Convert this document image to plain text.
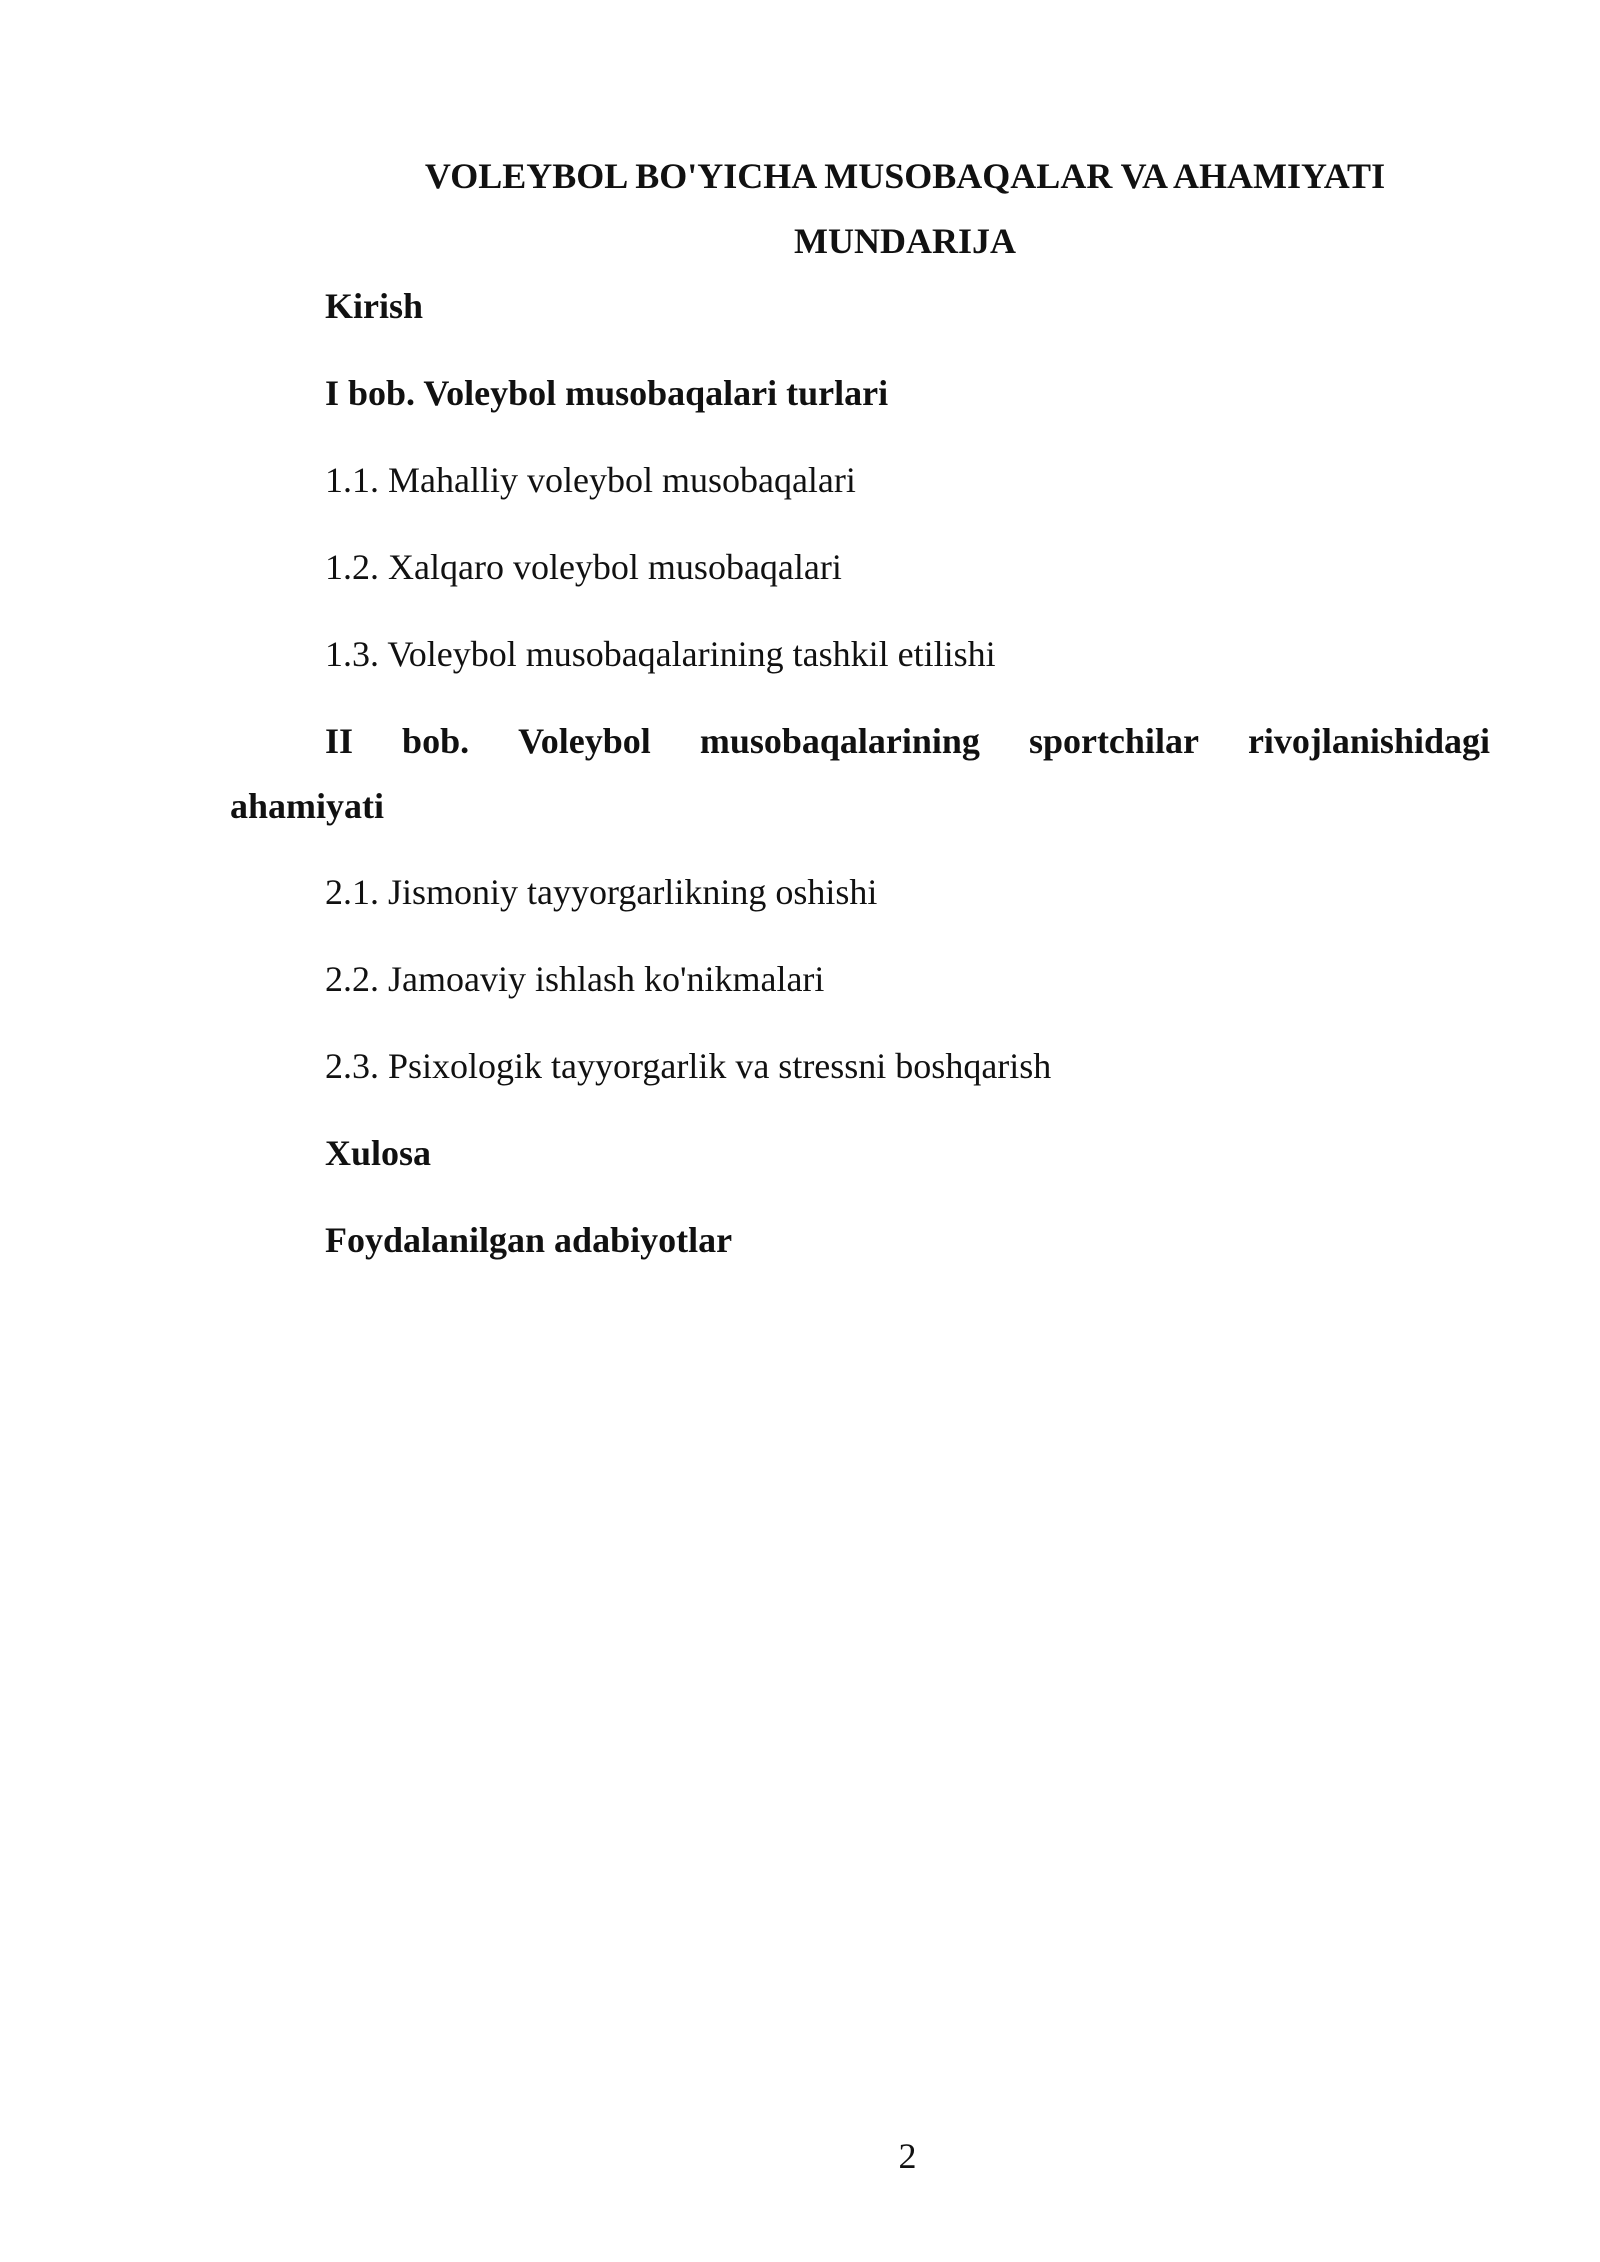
VOLEYBOL BO'YICHA MUSOBAQALAR VA AHAMIYATI
MUNDARIJA

Kirish

I bob. Voleybol musobaqalari turlari

1.1. Mahalliy voleybol musobaqalari

1.2. Xalqaro voleybol musobaqalari

1.3. Voleybol musobaqalarining tashkil etilishi

II bob. Voleybol musobaqalarining sportchilar rivojlanishidagi

ahamiyati

2.1. Jismoniy tayyorgarlikning oshishi

2.2. Jamoaviy ishlash ko'nikmalari

2.3. Psixologik tayyorgarlik va stressni boshqarish

Xulosa

Foydalanilgan adabiyotlar

2
